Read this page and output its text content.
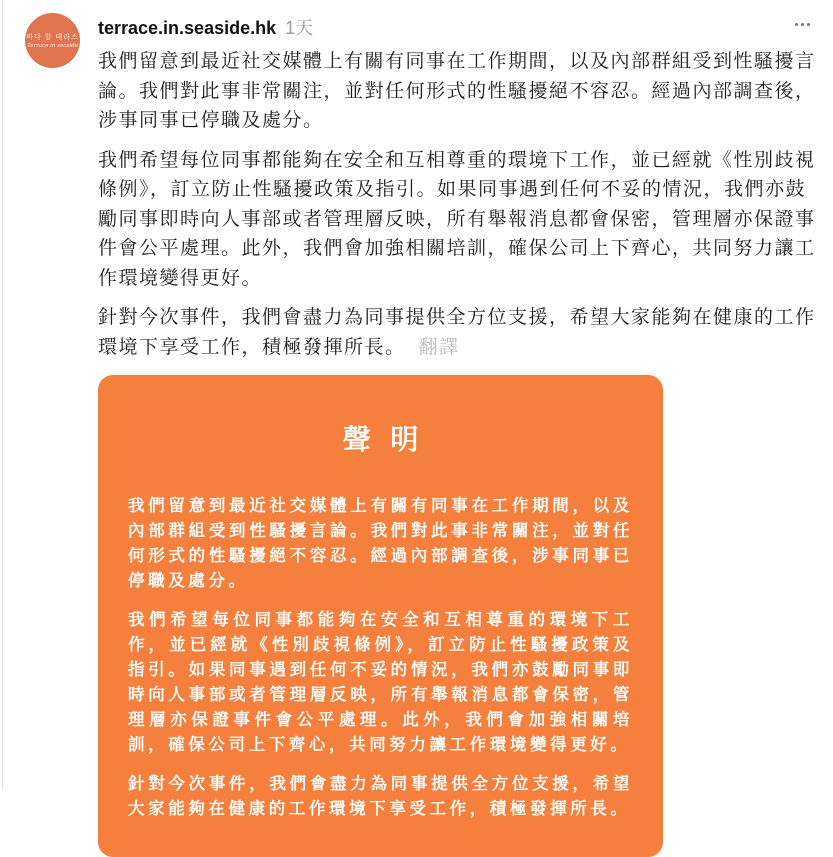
바다 앞 테라스
Terrace in seaside
terrace.in.seaside.hk 1天

我們留意到最近社交媒體上有關有同事在工作期間，以及內部群組受到性騷擾言論。我們對此事非常關注，並對任何形式的性騷擾絕不容忍。經過內部調查後，涉事同事已停職及處分。

我們希望每位同事都能夠在安全和互相尊重的環境下工作，並已經就《性別歧視條例》，訂立防止性騷擾政策及指引。如果同事遇到任何不妥的情況，我們亦鼓勵同事即時向人事部或者管理層反映，所有舉報消息都會保密，管理層亦保證事件會公平處理。此外，我們會加強相關培訓，確保公司上下齊心，共同努力讓工作環境變得更好。

針對今次事件，我們會盡力為同事提供全方位支援，希望大家能夠在健康的工作環境下享受工作，積極發揮所長。 翻譯

聲 明

我們留意到最近社交媒體上有關有同事在工作期間，以及內部群組受到性騷擾言論。我們對此事非常關注，並對任何形式的性騷擾絕不容忍。經過內部調查後，涉事同事已停職及處分。

我們希望每位同事都能夠在安全和互相尊重的環境下工作，並已經就《性別歧視條例》，訂立防止性騷擾政策及指引。如果同事遇到任何不妥的情況，我們亦鼓勵同事即時向人事部或者管理層反映，所有舉報消息都會保密，管理層亦保證事件會公平處理。此外，我們會加強相關培訓，確保公司上下齊心，共同努力讓工作環境變得更好。

針對今次事件，我們會盡力為同事提供全方位支援，希望大家能夠在健康的工作環境下享受工作，積極發揮所長。
